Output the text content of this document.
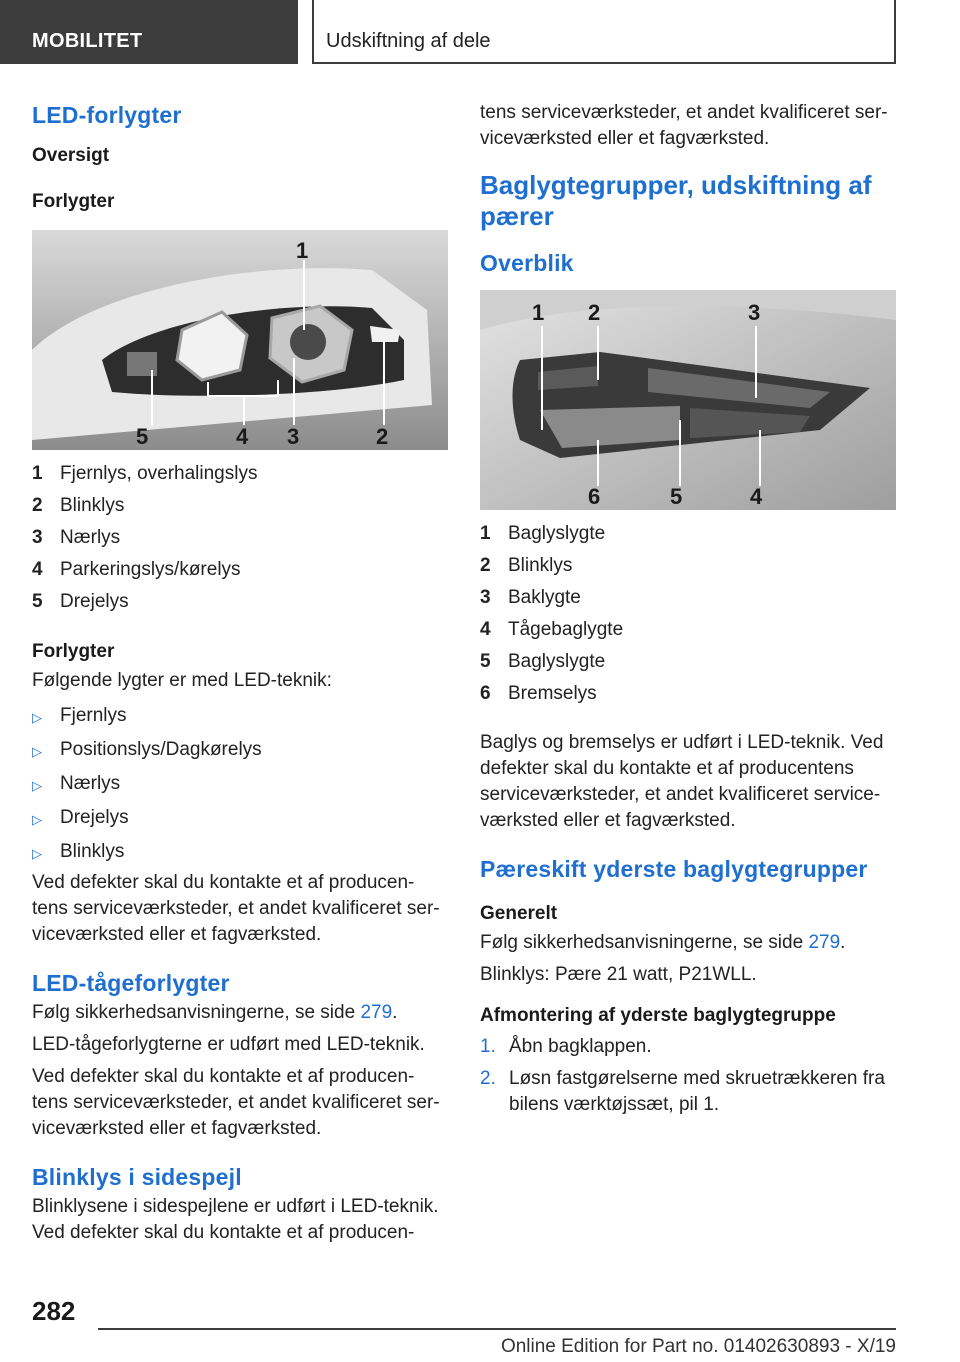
MOBILITET	Udskiftning af dele
LED-forlygter
Oversigt
Forlygter
1
5	4 3	2
1 Fjernlys, overhalingslys
2 Blinklys
3 Nærlys
4 Parkeringslys/kørelys
5 Drejelys
Forlygter

Følgende lygter er med LED-teknik:

▷ Fjernlys
▷ Positionslys/Dagkørelys
▷ Nærlys
▷ Drejelys
▷ Blinklys

Ved defekter skal du kontakte et af producen-tens serviceværksteder, et andet kvalificeret ser-viceværksted eller et fagværksted.

LED-tågeforlygter

Følg sikkerhedsanvisningerne, se side 279.

LED-tågeforlygterne er udført med LED-teknik.

Ved defekter skal du kontakte et af producen-tens serviceværksteder, et andet kvalificeret ser-viceværksted eller et fagværksted.

Blinklys i sidespejl

Blinklysene i sidespejlene er udført i LED-teknik. Ved defekter skal du kontakte et af producen-

tens serviceværksteder, et andet kvalificeret ser-viceværksted eller et fagværksted.

Baglygtegrupper, udskiftning af pærer
Overblik
1 2	3
6	5	4
1 Baglyslygte
2 Blinklys
3 Baklygte
4 Tågebaglygte
5 Baglyslygte
6 Bremselys

Baglys og bremselys er udført i LED-teknik. Ved defekter skal du kontakte et af producentens serviceværksteder, et andet kvalificeret service-værksted eller et fagværksted.

Pæreskift yderste baglygtegrupper
Generelt

Følg sikkerhedsanvisningerne, se side 279.

Blinklys: Pære 21 watt, P21WLL.

Afmontering af yderste baglygtegruppe
1. Åbn bagklappen.
2. Løsn fastgørelserne med skruetrækkeren fra bilens værktøjssæt, pil 1.
282
Online Edition for Part no. 01402630893 - X/19
